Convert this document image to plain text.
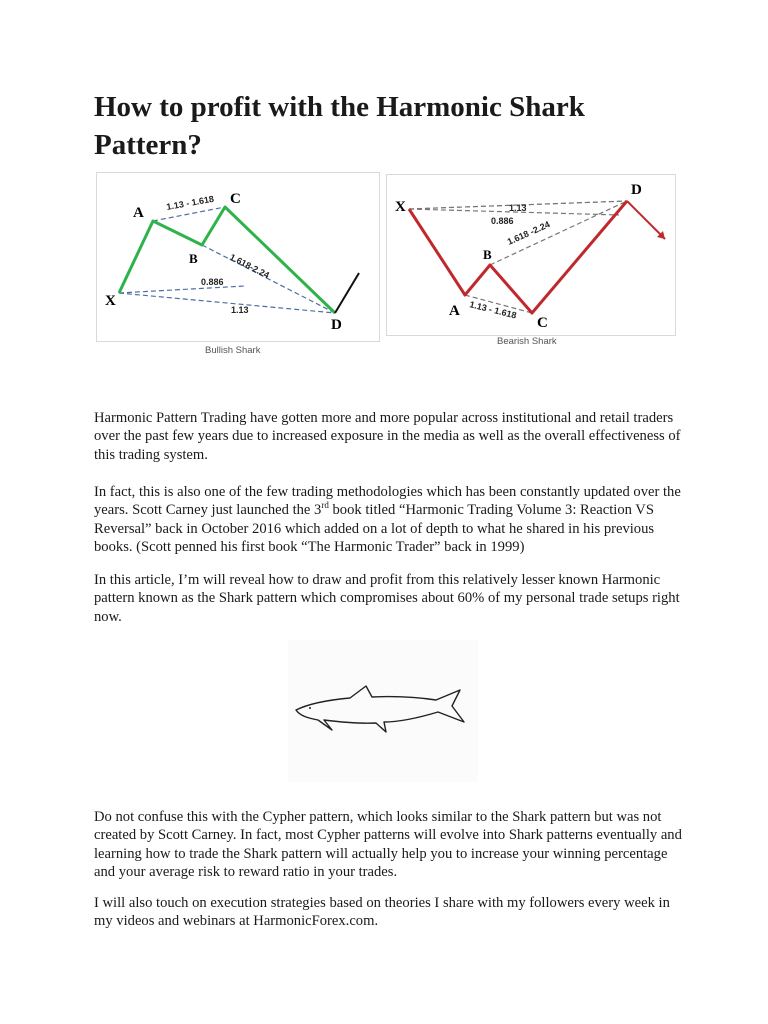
How to profit with the Harmonic Shark Pattern?
X
A
B
C
D
1.13 - 1.618
1.618-2.24
0.886
1.13
Bullish Shark
X
A
B
C
D
1.13
0.886
1.618 -2.24
1.13 - 1.618
Bearish Shark

Harmonic Pattern Trading have gotten more and more popular across institutional and retail traders over the past few years due to increased exposure in the media as well as the overall effectiveness of this trading system.

In fact, this is also one of the few trading methodologies which has been constantly updated over the years. Scott Carney just launched the 3rd book titled “Harmonic Trading Volume 3: Reaction VS Reversal” back in October 2016 which added on a lot of depth to what he shared in his previous books. (Scott penned his first book “The Harmonic Trader” back in 1999)

In this article, I’m will reveal how to draw and profit from this relatively lesser known Harmonic pattern known as the Shark pattern which compromises about 60% of my personal trade setups right now.

Do not confuse this with the Cypher pattern, which looks similar to the Shark pattern but was not created by Scott Carney. In fact, most Cypher patterns will evolve into Shark patterns eventually and learning how to trade the Shark pattern will actually help you to increase your winning percentage and your average risk to reward ratio in your trades.

I will also touch on execution strategies based on theories I share with my followers every week in my videos and webinars at HarmonicForex.com.
